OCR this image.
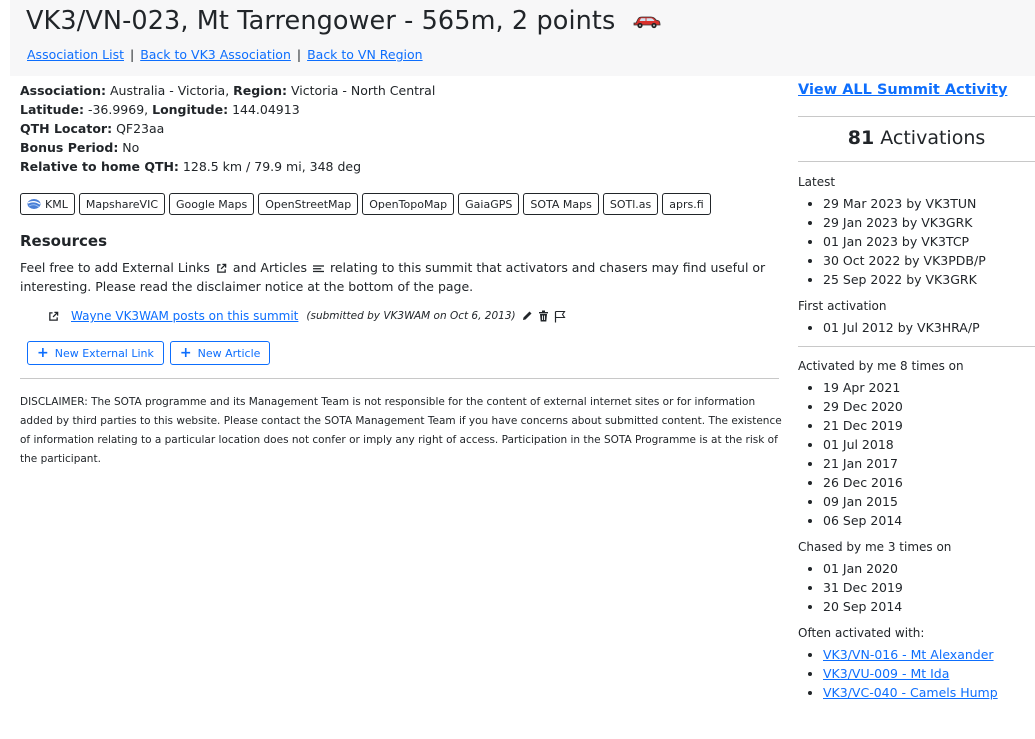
VK3/VN-023, Mt Tarrengower - 565m, 2 points
Association List | Back to VK3 Association | Back to VN Region
Association: Australia - Victoria, Region: Victoria - North Central
Latitude: -36.9969, Longitude: 144.04913
QTH Locator: QF23aa
Bonus Period: No
Relative to home QTH: 128.5 km / 79.9 mi, 348 deg
KML	MapshareVIC	Google Maps	OpenStreetMap	OpenTopoMap	GaiaGPS	SOTA Maps	SOTl.as	aprs.fi
Resources
Feel free to add External Links and Articles relating to this summit that activators and chasers may find useful or interesting. Please read the disclaimer notice at the bottom of the page.
Wayne VK3WAM posts on this summit (submitted by VK3WAM on Oct 6, 2013)
+ New External Link + New Article
DISCLAIMER: The SOTA programme and its Management Team is not responsible for the content of external internet sites or for information added by third parties to this website. Please contact the SOTA Management Team if you have concerns about submitted content. The existence of information relating to a particular location does not confer or imply any right of access. Participation in the SOTA Programme is at the risk of the participant.
View ALL Summit Activity
81 Activations

Latest

• 29 Mar 2023 by VK3TUN
• 29 Jan 2023 by VK3GRK
• 01 Jan 2023 by VK3TCP
• 30 Oct 2022 by VK3PDB/P
• 25 Sep 2022 by VK3GRK

First activation

• 01 Jul 2012 by VK3HRA/P

Activated by me 8 times on

• 19 Apr 2021
• 29 Dec 2020
• 21 Dec 2019
• 01 Jul 2018
• 21 Jan 2017
• 26 Dec 2016
• 09 Jan 2015
• 06 Sep 2014

Chased by me 3 times on

• 01 Jan 2020
• 31 Dec 2019
• 20 Sep 2014

Often activated with:

• VK3/VN-016 - Mt Alexander
• VK3/VU-009 - Mt Ida
• VK3/VC-040 - Camels Hump
